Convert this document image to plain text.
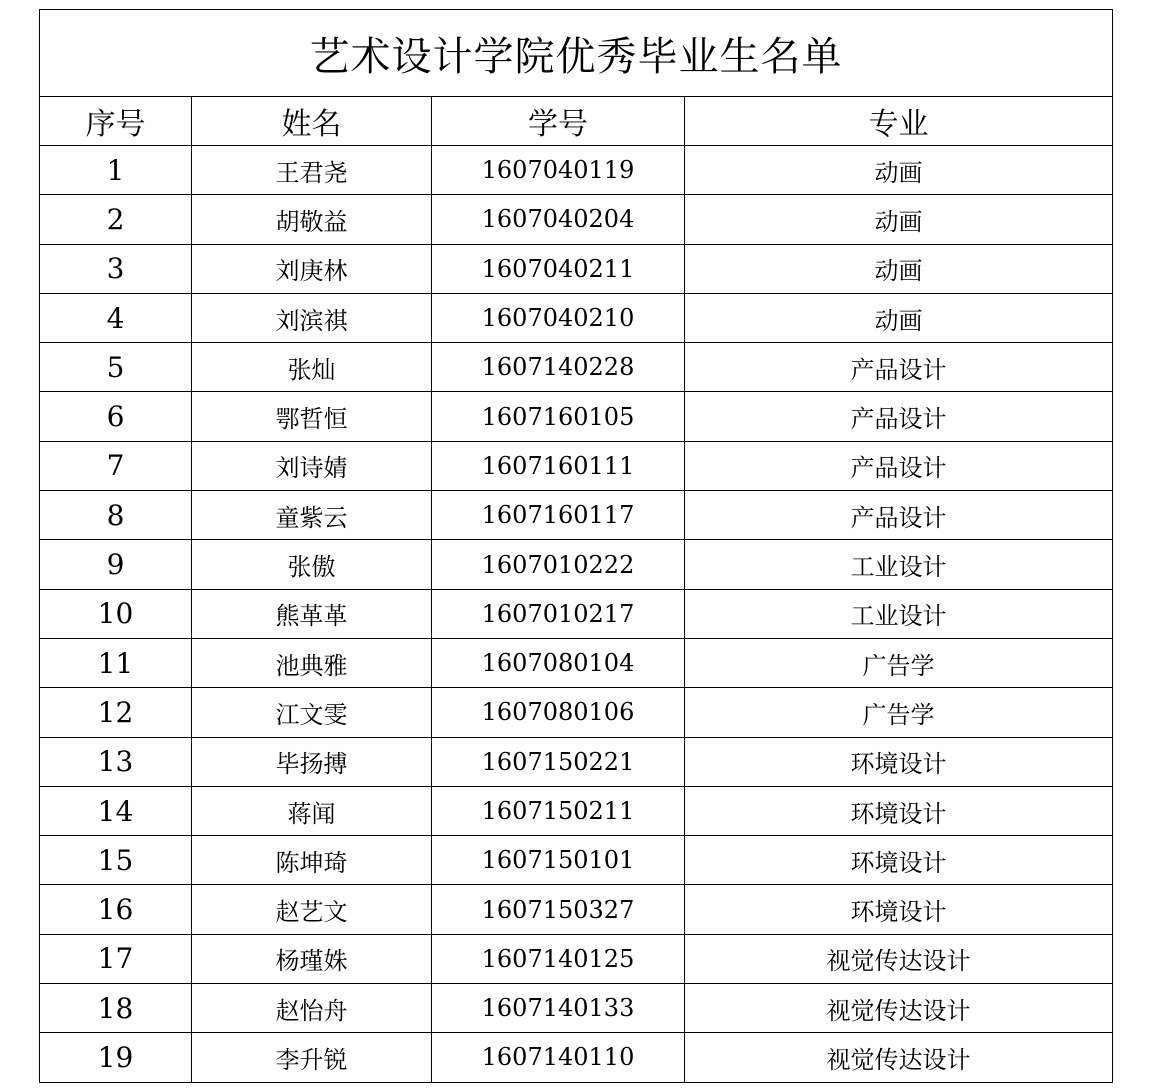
艺术设计学院优秀毕业生名单			
序号	姓名	学号	专业
1	王君尧	1607040119	动画
2	胡敬益	1607040204	动画
3	刘庚林	1607040211	动画
4	刘滨祺	1607040210	动画
5	张灿	1607140228	产品设计
6	鄂哲恒	1607160105	产品设计
7	刘诗婧	1607160111	产品设计
8	童紫云	1607160117	产品设计
9	张傲	1607010222	工业设计
10	熊革革	1607010217	工业设计
11	池典雅	1607080104	广告学
12	江文雯	1607080106	广告学
13	毕扬搏	1607150221	环境设计
14	蒋闻	1607150211	环境设计
15	陈坤琦	1607150101	环境设计
16	赵艺文	1607150327	环境设计
17	杨瑾姝	1607140125	视觉传达设计
18	赵怡舟	1607140133	视觉传达设计
19	李升锐	1607140110	视觉传达设计
